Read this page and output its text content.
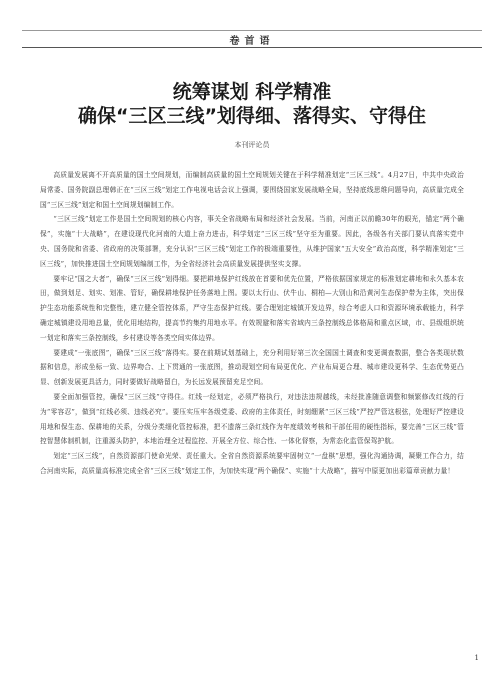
卷首语
统筹谋划 科学精准
确保“三区三线”划得细、落得实、守得住
本刊评论员

高质量发展离不开高质量的国土空间规划，而编制高质量的国土空间规划关键在于科学精准划定“三区三线”。4月27日，中共中央政治局常委、国务院副总理韩正在“三区三线”划定工作电视电话会议上强调，要围绕国家发展战略全局，坚持底线思维问题导向，高质量完成全国“三区三线”划定和国土空间规划编制工作。

“三区三线”划定工作是国土空间规划的核心内容，事关全省战略布局和经济社会发展。当前，河南正以前瞻30年的眼光，锚定“两个确保”，实施“十大战略”，在建设现代化河南的大道上奋力进击，科学划定“三区三线”坚守至为重要。因此，各级各有关部门要认真落实党中央、国务院和省委、省政府的决策部署，充分认识“三区三线”划定工作的极端重要性，从维护国家“五大安全”政治高度，科学精准划定“三区三线”，加快推进国土空间规划编制工作，为全省经济社会高质量发展提供坚实支撑。

要牢记“国之大者”，确保“三区三线”划得细。要把耕地保护红线放在首要和优先位置，严格依据国家规定的标准划定耕地和永久基本农田，做到划足、划实、划准、管好，确保耕地保护任务落地上图。要以太行山、伏牛山、桐柏—大别山和沿黄河生态保护带为主体，突出保护生态功能系统性和完整性，建立健全管控体系，严守生态保护红线。要合理划定城镇开发边界，综合考虑人口和资源环境承载能力，科学确定城镇建设用地总量，优化用地结构，提高节约集约用地水平。有效规避和落实省域内三条控制线总体格局和重点区域，市、县级组织统一划定和落实三条控制线，乡村建设等各类空间实体边界。

要建成“一张底图”，确保“三区三线”落得实。要在前期试划基础上，充分利用好第三次全国国土调查和变更调查数据，整合各类现状数据和信息，形成坐标一致、边界吻合、上下贯通的一张底图，推动现划空间布局更优化、产业布局更合理、城市建设更科学、生态优势更凸显、创新发展更具活力，同时要做好战略留白，为长远发展预留充足空间。

要全面加强管控，确保“三区三线”守得住。红线一经划定，必须严格执行，对违法违规越线，未经批准随意调整和频繁修改红线的行为“零容忍”，做到“红线必须、违线必究”。要压实压牢各级党委、政府的主体责任，时刻绷紧“三区三线”严控严管这根弦，处理好严控建设用地和保生态、保耕地的关系，分级分类细化管控标准，把不遗落三条红线作为年度绩效考核和干部任用的硬性指标，要完善“三区三线”管控智慧体制机制，注重源头防护，本地治理全过程监控、开展全方位、综合性、一体化督察，为常态化监管保驾护航。

划定“三区三线”，自然资源部门使命光荣、责任重大。全省自然资源系统要牢固树立“一盘棋”思想，强化沟通协调，凝聚工作合力，结合河南实际，高质量高标准完成全省“三区三线”划定工作，为加快实现“两个确保”、实施“十大战略”，描写中原更加出彩篇章贡献力量！

1
